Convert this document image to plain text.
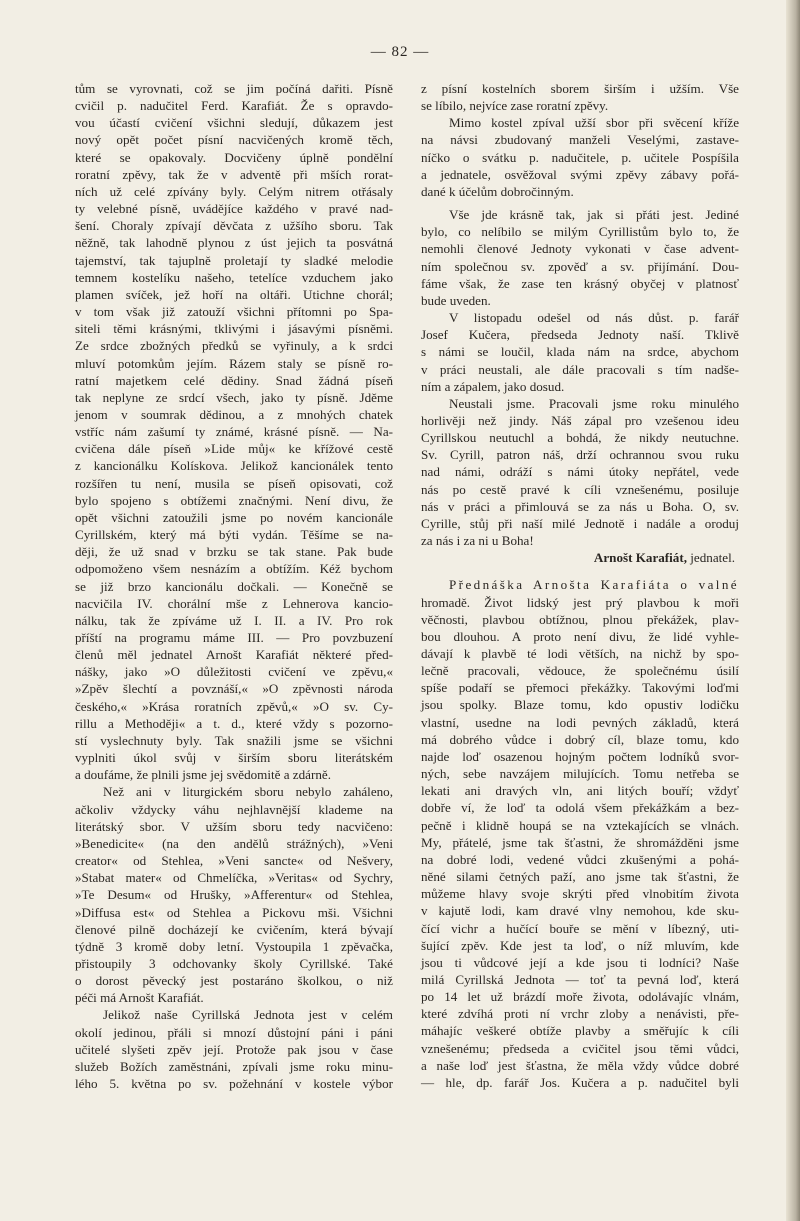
— 82 —
tům se vyrovnati, což se jim počíná dařiti. Písně
cvičil p. nadučitel Ferd. Karafiát. Že s opravdo-
vou účastí cvičení všichni sledují, důkazem jest
nový opět počet písní nacvičených kromě těch,
které se opakovaly. Docvičeny úplně pondělní
roratní zpěvy, tak že v adventě při mších rorat-
ních už celé zpívány byly. Celým nitrem otřásaly
ty velebné písně, uvádějíce každého v pravé nad-
šení. Choraly zpívají děvčata z užšího sboru. Tak
něžně, tak lahodně plynou z úst jejich ta posvátná
tajemství, tak tajuplně proletají ty sladké melodie
temnem kostelíku našeho, tetelíce vzduchem jako
plamen svíček, jež hoří na oltáři. Utichne chorál;
v tom však již zatouží všichni přítomni po Spa-
siteli těmi krásnými, tklivými i jásavými písněmi.
Ze srdce zbožných předků se vyřinuly, a k srdci
mluví potomkům jejím. Rázem staly se písně ro-
ratní majetkem celé dědiny. Snad žádná píseň
tak neplyne ze srdcí všech, jako ty písně. Jděme
jenom v soumrak dědinou, a z mnohých chatek
vstříc nám zašumí ty známé, krásné písně. — Na-
cvičena dále píseň »Lide můj« ke křížové cestě
z kancionálku Kolískova. Jelikož kancionálek tento
rozšířen tu není, musila se píseň opisovati, což
bylo spojeno s obtížemi značnými. Není divu, že
opět všichni zatoužili jsme po novém kancionále
Cyrillském, který má býti vydán. Těšíme se na-
ději, že už snad v brzku se tak stane. Pak bude
odpomoženo všem nesnázím a obtížím. Kéž bychom
se již brzo kancionálu dočkali. — Konečně se
nacvičila IV. chorální mše z Lehnerova kancio-
nálku, tak že zpíváme už I. II. a IV. Pro rok
příští na programu máme III. — Pro povzbuzení
členů měl jednatel Arnošt Karafiát některé před-
nášky, jako »O důležitosti cvičení ve zpěvu,«
»Zpěv šlechtí a povznáší,« »O zpěvnosti národa
českého,« »Krása roratních zpěvů,« »O sv. Cy-
rillu a Methoději« a t. d., které vždy s pozorno-
stí vyslechnuty byly. Tak snažili jsme se všichni
vyplniti úkol svůj v širším sboru literátském
a doufáme, že plnili jsme jej svědomitě a zdárně.
Než ani v liturgickém sboru nebylo zaháleno,
ačkoliv vždycky váhu nejhlavnější klademe na
literátský sbor. V užším sboru tedy nacvičeno:
»Benedicite« (na den andělů strážných), »Veni
creator« od Stehlea, »Veni sancte« od Nešvery,
»Stabat mater« od Chmelíčka, »Veritas« od Sychry,
»Te Desum« od Hrušky, »Afferentur« od Stehlea,
»Diffusa est« od Stehlea a Pickovu mši. Všichni
členové pilně docházejí ke cvičením, která bývají
týdně 3 kromě doby letní. Vystoupila 1 zpěvačka,
přistoupily 3 odchovanky školy Cyrillské. Také
o dorost pěvecký jest postaráno školkou, o niž
péči má Arnošt Karafiát.
Jelikož naše Cyrillská Jednota jest v celém
okolí jedinou, přáli si mnozí důstojní páni i páni
učitelé slyšeti zpěv její. Protože pak jsou v čase
služeb Božích zaměstnáni, zpívali jsme roku minu-
lého 5. května po sv. požehnání v kostele výbor
z písní kostelních sborem širším i užším. Vše
se líbilo, nejvíce zase roratní zpěvy.
Mimo kostel zpíval užší sbor při svěcení kříže
na návsi zbudovaný manželi Veselými, zastave-
níčko o svátku p. nadučitele, p. učitele Pospíšila
a jednatele, osvěžoval svými zpěvy zábavy pořá-
dané k účelům dobročinným.
Vše jde krásně tak, jak si přáti jest. Jediné
bylo, co nelíbilo se milým Cyrillistům bylo to, že
nemohli členové Jednoty vykonati v čase advent-
ním společnou sv. zpověď a sv. přijímání. Dou-
fáme však, že zase ten krásný obyčej v platnosť
bude uveden.
V listopadu odešel od nás důst. p. farář
Josef Kučera, předseda Jednoty naší. Tklivě
s námi se loučil, klada nám na srdce, abychom
v práci neustali, ale dále pracovali s tím nadše-
ním a zápalem, jako dosud.
Neustali jsme. Pracovali jsme roku minulého
horlivěji než jindy. Náš zápal pro vzešenou ideu
Cyrillskou neutuchl a bohdá, že nikdy neutuchne.
Sv. Cyrill, patron náš, drží ochrannou svou ruku
nad námi, odráží s námi útoky nepřátel, vede
nás po cestě pravé k cíli vznešenému, posiluje
nás v práci a přimlouvá se za nás u Boha. O, sv.
Cyrille, stůj při naší milé Jednotě i nadále a oroduj
za nás i za ni u Boha!
Arnošt Karafiát, jednatel.
Přednáška Arnošta Karafiáta o valné
hromadě. Život lidský jest prý plavbou k moři
věčnosti, plavbou obtížnou, plnou překážek, plav-
bou dlouhou. A proto není divu, že lidé vyhle-
dávají k plavbě té lodi větších, na nichž by spo-
lečně pracovali, vědouce, že společnému úsilí
spíše podaří se přemoci překážky. Takovými loďmi
jsou spolky. Blaze tomu, kdo opustiv lodičku
vlastní, usedne na lodi pevných základů, která
má dobrého vůdce i dobrý cíl, blaze tomu, kdo
najde loď osazenou hojným počtem lodníků svor-
ných, sebe navzájem milujících. Tomu netřeba se
lekati ani dravých vln, ani litých bouří; vždyť
dobře ví, že loď ta odolá všem překážkám a bez-
pečně i klidně houpá se na vztekajících se vlnách.
My, přátelé, jsme tak šťastni, že shromážděni jsme
na dobré lodi, vedené vůdci zkušenými a pohá-
něné silami četných paží, ano jsme tak šťastni, že
můžeme hlavy svoje skrýti před vlnobitím života
v kajutě lodi, kam dravé vlny nemohou, kde sku-
čící vichr a hučící bouře se mění v líbezný, uti-
šující zpěv. Kde jest ta loď, o níž mluvím, kde
jsou ti vůdcové její a kde jsou ti lodníci? Naše
milá Cyrillská Jednota — toť ta pevná loď, která
po 14 let už brázdí moře života, odolávajíc vlnám,
které zdvíhá proti ní vrchr zloby a nenávisti, pře-
máhajíc veškeré obtíže plavby a směřujíc k cíli
vznešenému; předseda a cvičitel jsou těmi vůdci,
a naše loď jest šťastna, že měla vždy vůdce dobré
— hle, dp. farář Jos. Kučera a p. nadučitel byli
